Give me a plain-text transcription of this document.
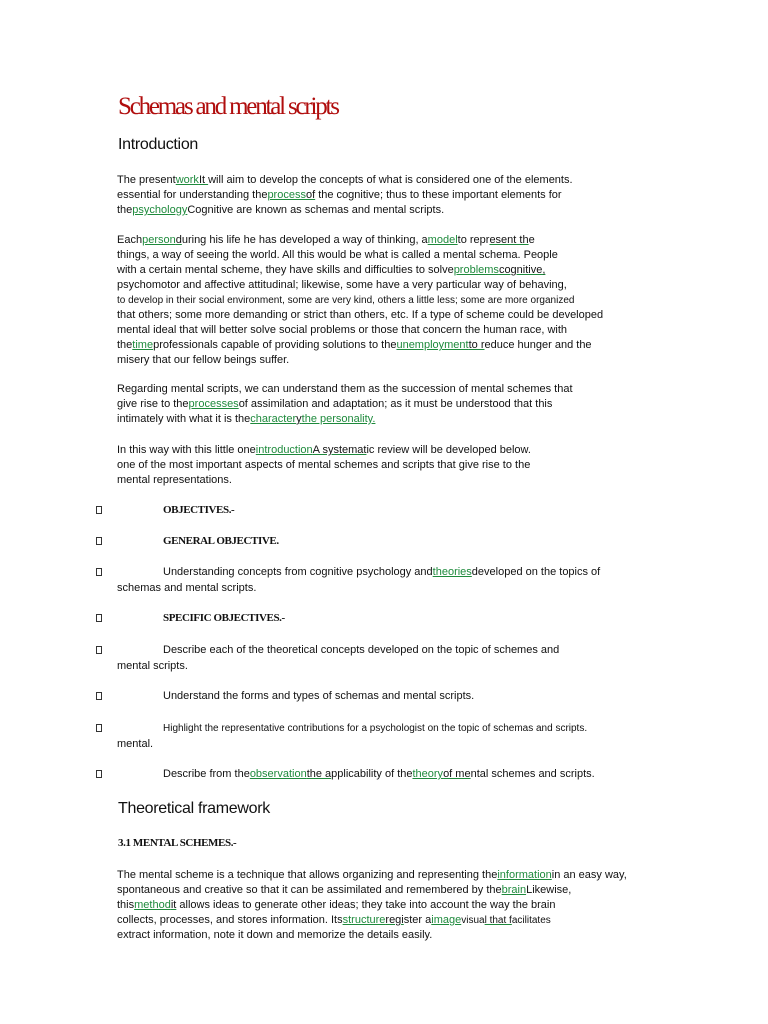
Schemas and mental scripts
Introduction
The presentworkIt will aim to develop the concepts of what is considered one of the elements.
essential for understanding theprocessof the cognitive; thus to these important elements for
thepsychologyCognitive are known as schemas and mental scripts.
Eachpersonduring his life he has developed a way of thinking, amodelto represent the
things, a way of seeing the world. All this would be what is called a mental schema. People
with a certain mental scheme, they have skills and difficulties to solveproblemscognitive,
psychomotor and affective attitudinal; likewise, some have a very particular way of behaving,
to develop in their social environment, some are very kind, others a little less; some are more organized
that others; some more demanding or strict than others, etc. If a type of scheme could be developed
mental ideal that will better solve social problems or those that concern the human race, with
thetimeprofessionals capable of providing solutions to theunemploymentto reduce hunger and the
misery that our fellow beings suffer.
Regarding mental scripts, we can understand them as the succession of mental schemes that
give rise to theprocessesof assimilation and adaptation; as it must be understood that this
intimately with what it is thecharacterythe personality.
In this way with this little oneintroductionA systematic review will be developed below.
one of the most important aspects of mental schemes and scripts that give rise to the
mental representations.
OBJECTIVES.-
GENERAL OBJECTIVE.
Understanding concepts from cognitive psychology andtheoriesdeveloped on the topics of
schemas and mental scripts.
SPECIFIC OBJECTIVES.-
Describe each of the theoretical concepts developed on the topic of schemes and
mental scripts.
Understand the forms and types of schemas and mental scripts.
Highlight the representative contributions for a psychologist on the topic of schemas and scripts.
mental.
Describe from theobservationthe applicability of thetheoryof mental schemes and scripts.
Theoretical framework
3.1 MENTAL SCHEMES.-
The mental scheme is a technique that allows organizing and representing theinformationin an easy way,
spontaneous and creative so that it can be assimilated and remembered by thebrainLikewise,
thismethodit allows ideas to generate other ideas; they take into account the way the brain
collects, processes, and stores information. Itsstructureregister aimagevisual that facilitates
extract information, note it down and memorize the details easily.
